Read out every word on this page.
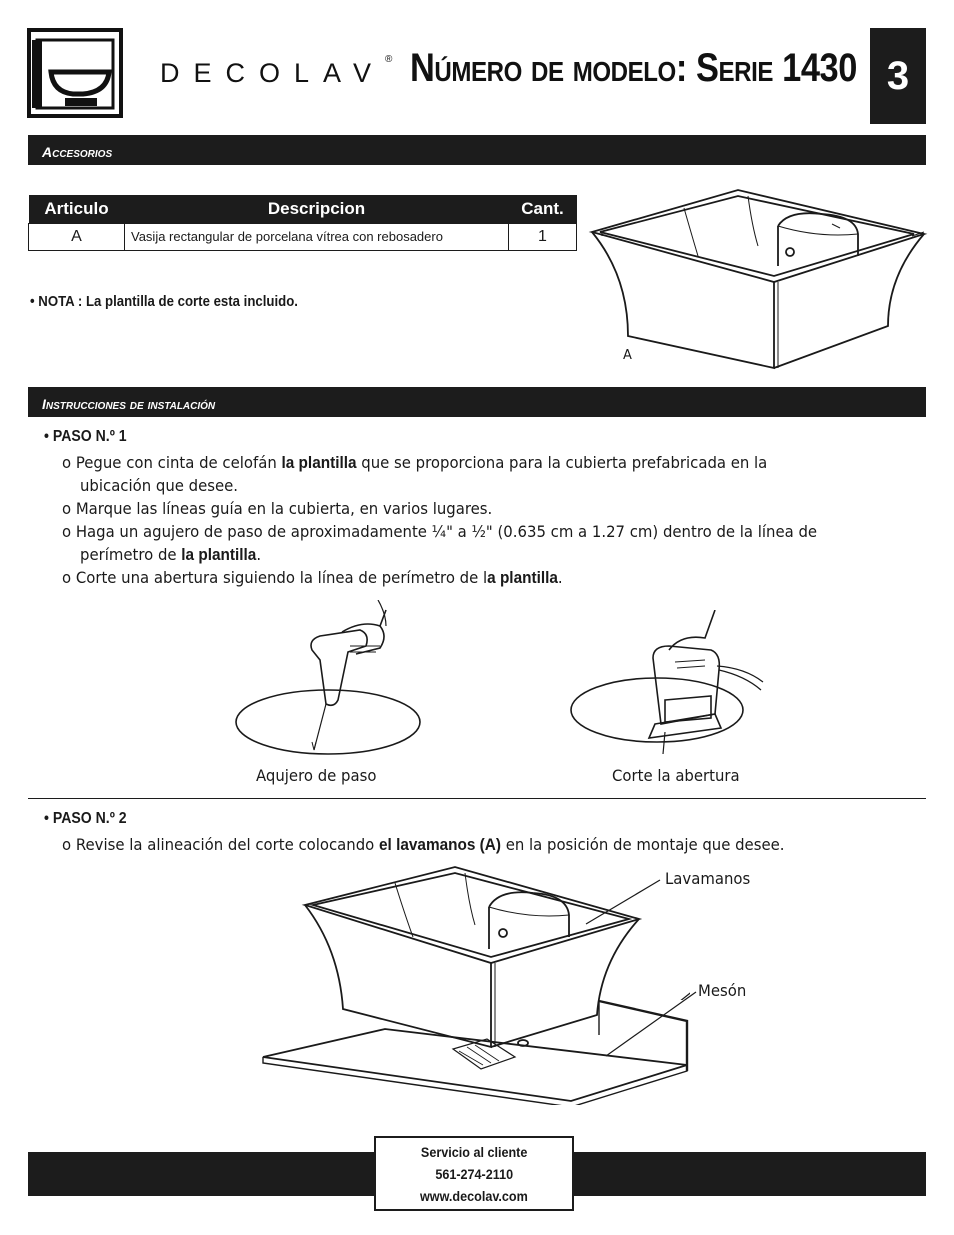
DECOLAV® Número de modelo: Serie 1430 3
Accesorios
Articulo	Descripcion	Cant.
A	Vasija rectangular de porcelana vítrea con rebosadero	1
• NOTA : La plantilla de corte esta incluido.
A
Instrucciones de instalación
• PASO N.º 1
o Pegue con cinta de celofán la plantilla que se proporciona para la cubierta prefabricada en la
ubicación que desee.
o Marque las líneas guía en la cubierta, en varios lugares.
o Haga un agujero de paso de aproximadamente ¼" a ½" (0.635 cm a 1.27 cm) dentro de la línea de
perímetro de la plantilla.
o Corte una abertura siguiendo la línea de perímetro de la plantilla.
Aqujero de paso	Corte la abertura
• PASO N.º 2
o Revise la alineación del corte colocando el lavamanos (A) en la posición de montaje que desee.
Lavamanos
Mesón
Servicio al cliente
561-274-2110
www.decolav.com
